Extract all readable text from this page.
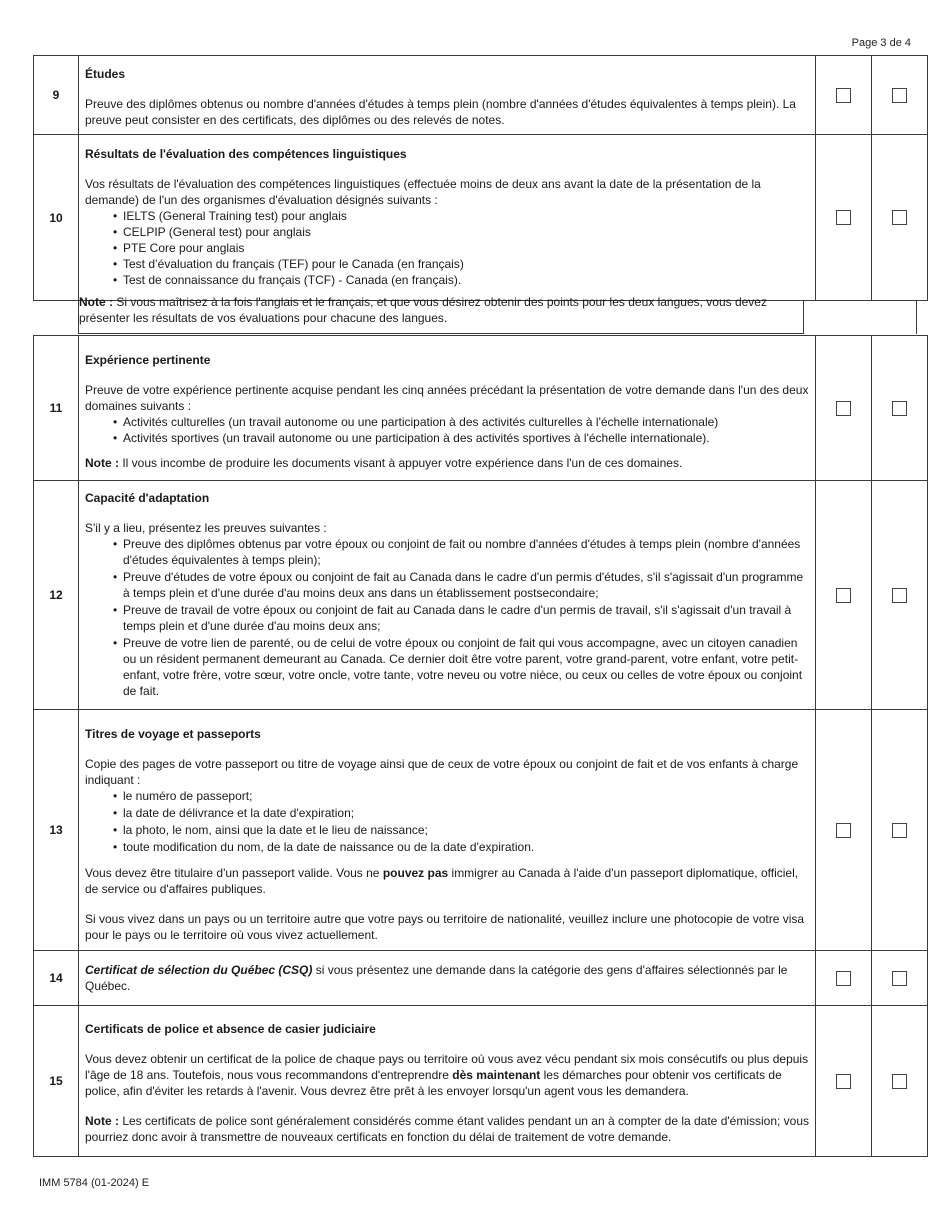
Page 3 de 4
9	

Études

Preuve des diplômes obtenus ou nombre d'années d'études à temps plein (nombre d'années d'études équivalentes à temps plein). La preuve peut consister en des certificats, des diplômes ou des relevés de notes.

10	

Résultats de l'évaluation des compétences linguistiques

Vos résultats de l'évaluation des compétences linguistiques (effectuée moins de deux ans avant la date de la présentation de la demande) de l'un des organismes d'évaluation désignés suivants :

• IELTS (General Training test) pour anglais
• CELPIP (General test) pour anglais
• PTE Core pour anglais
• Test d’évaluation du français (TEF) pour le Canada (en français)
• Test de connaissance du français (TCF) - Canada (en français).

Note : Si vous maîtrisez à la fois l'anglais et le français, et que vous désirez obtenir des points pour les deux langues, vous devez présenter les résultats de vos évaluations pour chacune des langues.
11	

Expérience pertinente

Preuve de votre expérience pertinente acquise pendant les cinq années précédant la présentation de votre demande dans l'un des deux domaines suivants :

• Activités culturelles (un travail autonome ou une participation à des activités culturelles à l'échelle internationale)
• Activités sportives (un travail autonome ou une participation à des activités sportives à l'échelle internationale).

Note : Il vous incombe de produire les documents visant à appuyer votre expérience dans l'un de ces domaines.

12	

Capacité d'adaptation

S'il y a lieu, présentez les preuves suivantes :

• Preuve des diplômes obtenus par votre époux ou conjoint de fait ou nombre d'années d'études à temps plein (nombre d'années d'études équivalentes à temps plein);
• Preuve d'études de votre époux ou conjoint de fait au Canada dans le cadre d'un permis d'études, s'il s'agissait d'un programme à temps plein et d'une durée d'au moins deux ans dans un établissement postsecondaire;
• Preuve de travail de votre époux ou conjoint de fait au Canada dans le cadre d'un permis de travail, s'il s'agissait d'un travail à temps plein et d'une durée d'au moins deux ans;
• Preuve de votre lien de parenté, ou de celui de votre époux ou conjoint de fait qui vous accompagne, avec un citoyen canadien ou un résident permanent demeurant au Canada. Ce dernier doit être votre parent, votre grand-parent, votre enfant, votre petit-enfant, votre frère, votre sœur, votre oncle, votre tante, votre neveu ou votre nièce, ou ceux ou celles de votre époux ou conjoint de fait.

13	

Titres de voyage et passeports

Copie des pages de votre passeport ou titre de voyage ainsi que de ceux de votre époux ou conjoint de fait et de vos enfants à charge indiquant :

• le numéro de passeport;
• la date de délivrance et la date d'expiration;
• la photo, le nom, ainsi que la date et le lieu de naissance;
• toute modification du nom, de la date de naissance ou de la date d'expiration.

Vous devez être titulaire d'un passeport valide. Vous ne pouvez pas immigrer au Canada à l'aide d'un passeport diplomatique, officiel, de service ou d'affaires publiques.

Si vous vivez dans un pays ou un territoire autre que votre pays ou territoire de nationalité, veuillez inclure une photocopie de votre visa pour le pays ou le territoire où vous vivez actuellement.

14	

Certificat de sélection du Québec (CSQ) si vous présentez une demande dans la catégorie des gens d'affaires sélectionnés par le Québec.

15	

Certificats de police et absence de casier judiciaire

Vous devez obtenir un certificat de la police de chaque pays ou territoire où vous avez vécu pendant six mois consécutifs ou plus depuis l'âge de 18 ans. Toutefois, nous vous recommandons d'entreprendre dès maintenant les démarches pour obtenir vos certificats de police, afin d'éviter les retards à l'avenir. Vous devrez être prêt à les envoyer lorsqu'un agent vous les demandera.

Note : Les certificats de police sont généralement considérés comme étant valides pendant un an à compter de la date d'émission; vous pourriez donc avoir à transmettre de nouveaux certificats en fonction du délai de traitement de votre demande.

IMM 5784 (01-2024) E
